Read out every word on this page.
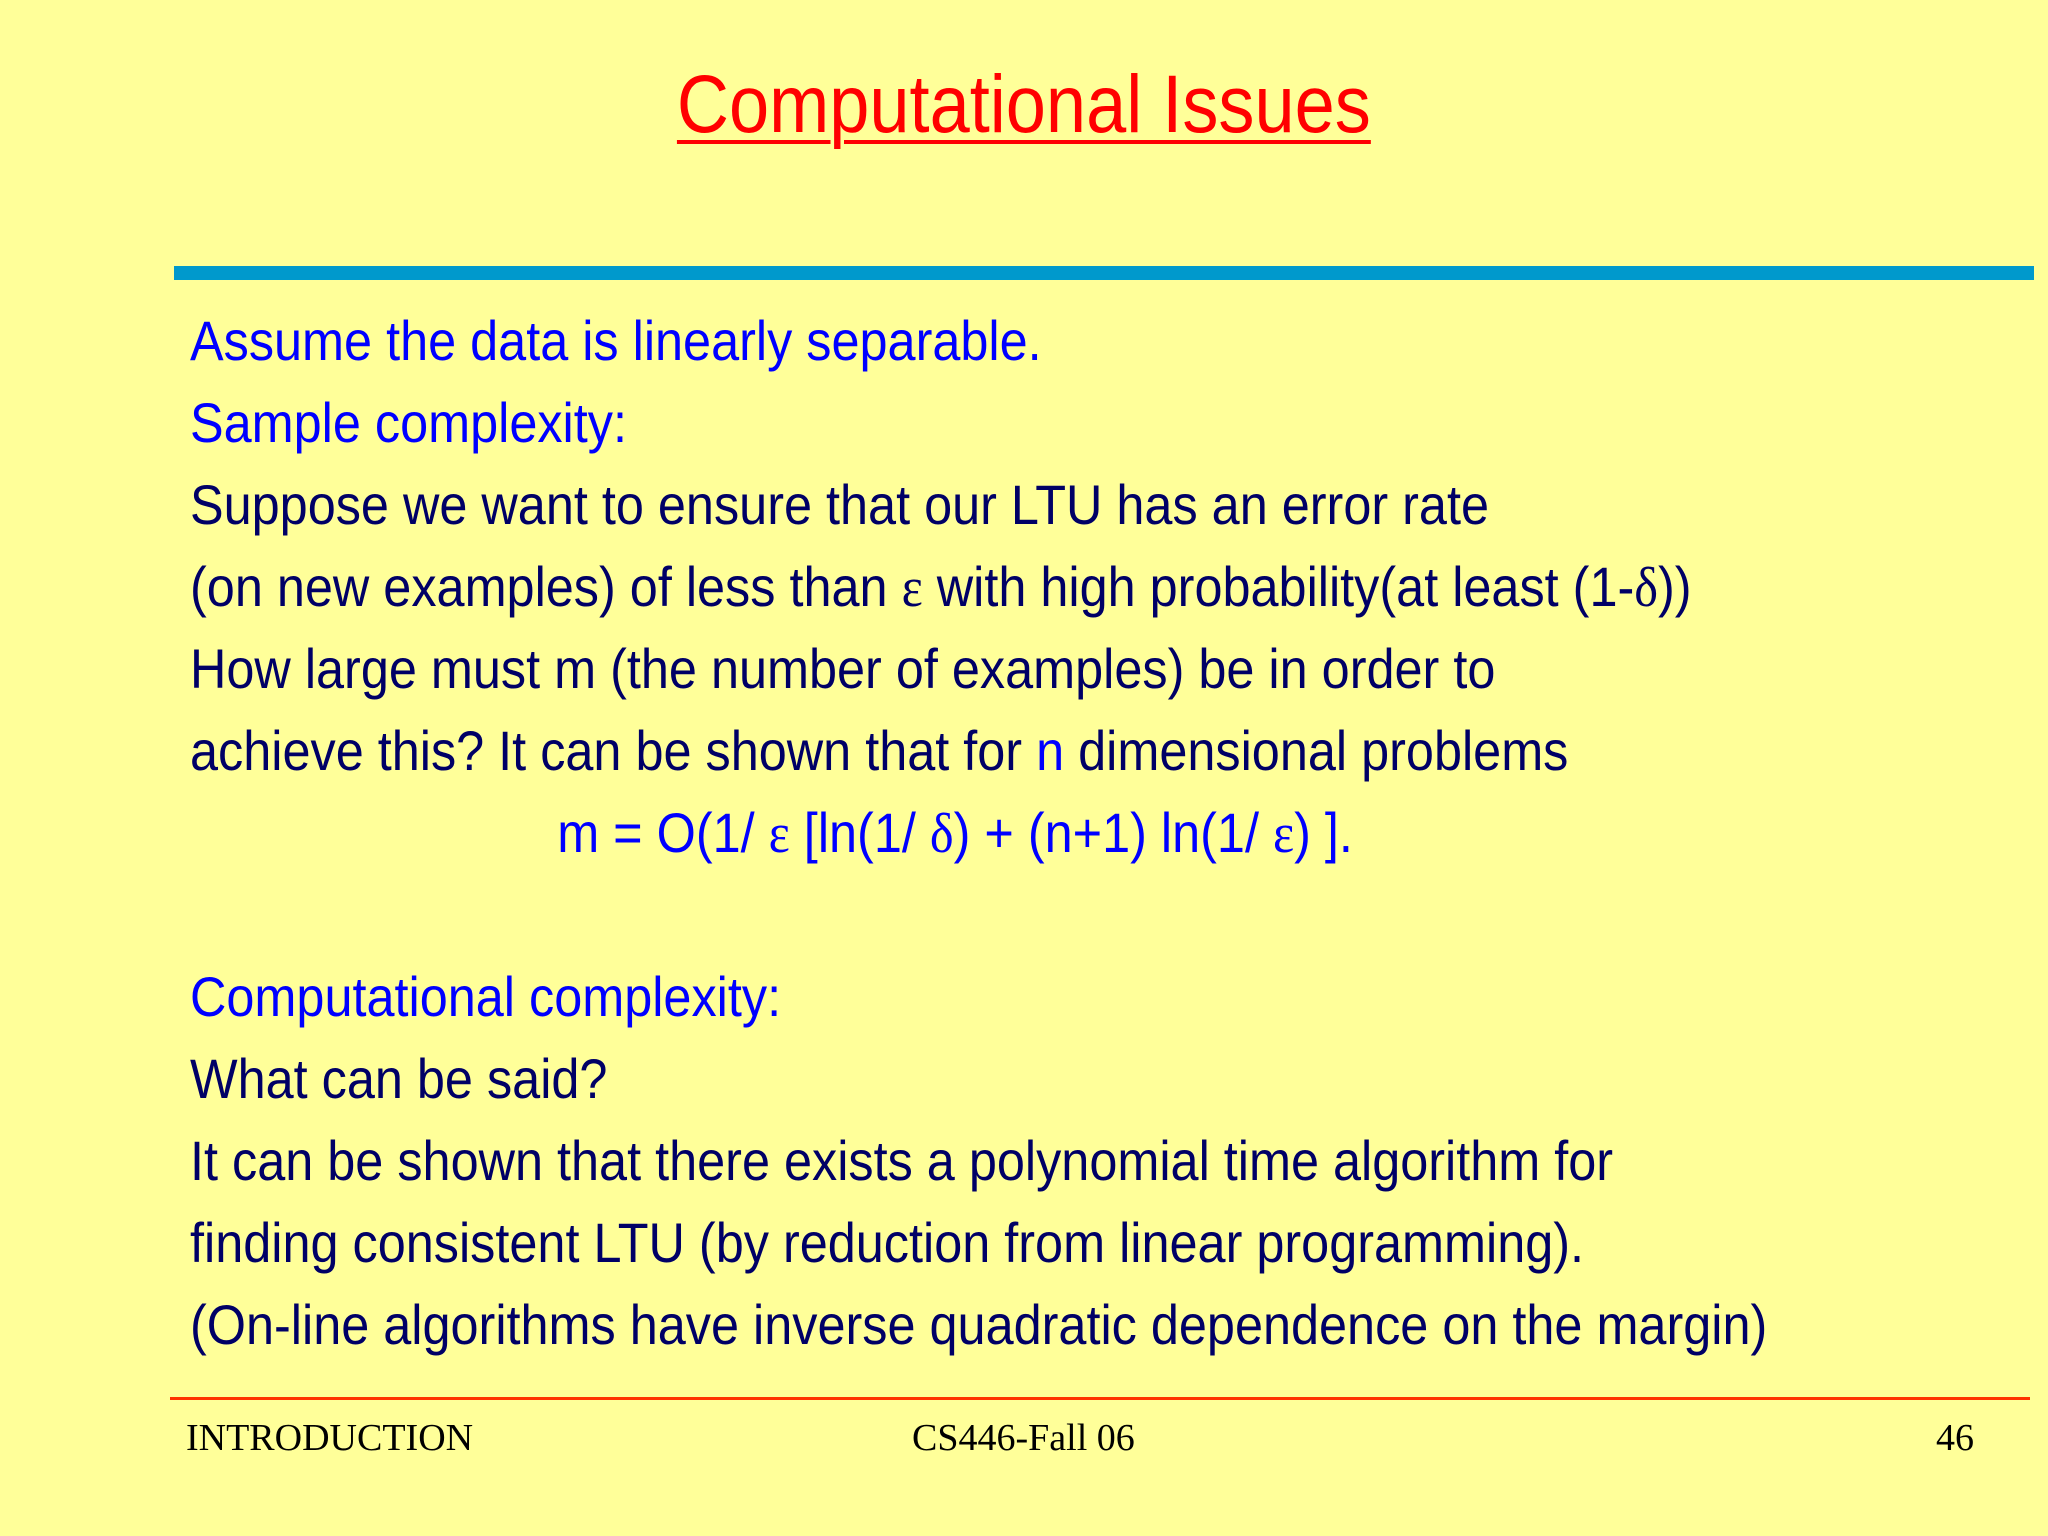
Computational Issues
Assume the data is linearly separable.
Sample complexity:
Suppose we want to ensure that our LTU has an error rate
(on new examples) of less than ε with high probability(at least (1-δ))
How large must m (the number of examples) be in order to
achieve this? It can be shown that for n dimensional problems
m = O(1/ ε [ln(1/ δ) + (n+1) ln(1/ ε) ].
Computational complexity:
What can be said?
It can be shown that there exists a polynomial time algorithm for
finding consistent LTU (by reduction from linear programming).
(On-line algorithms have inverse quadratic dependence on the margin)
INTRODUCTION	CS446-Fall 06	46
